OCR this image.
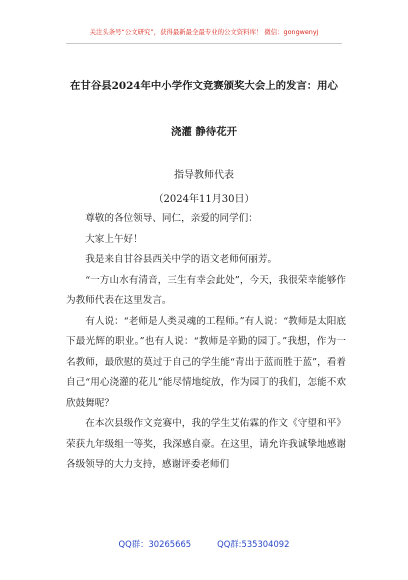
关注头条号“公文研究”，获得最新最全最专业的公文资料库！ 微信：gongwenyj
在甘谷县2024年中小学作文竞赛颁奖大会上的发言：用心
浇灌 静待花开
指导教师代表
（2024年11月30日）

尊敬的各位领导、同仁，亲爱的同学们：

大家上午好！

我是来自甘谷县西关中学的语文老师何丽芳。

“一方山水有清音，三生有幸会此处”，今天，我很荣幸能够作为教师代表在这里发言。

有人说：“老师是人类灵魂的工程师。”有人说：“教师是太阳底下最光辉的职业。”也有人说：“教师是辛勤的园丁。”我想，作为一名教师，最欣慰的莫过于自己的学生能“青出于蓝而胜于蓝”，看着自己“用心浇灌的花儿”能尽情地绽放，作为园丁的我们，怎能不欢欣鼓舞呢？

在本次县级作文竞赛中，我的学生艾佑霖的作文《守望和平》荣获九年级组一等奖，我深感自豪。在这里，请允许我诚挚地感谢各级领导的大力支持，感谢评委老师们

QQ群：30265665	QQ群:535304092
